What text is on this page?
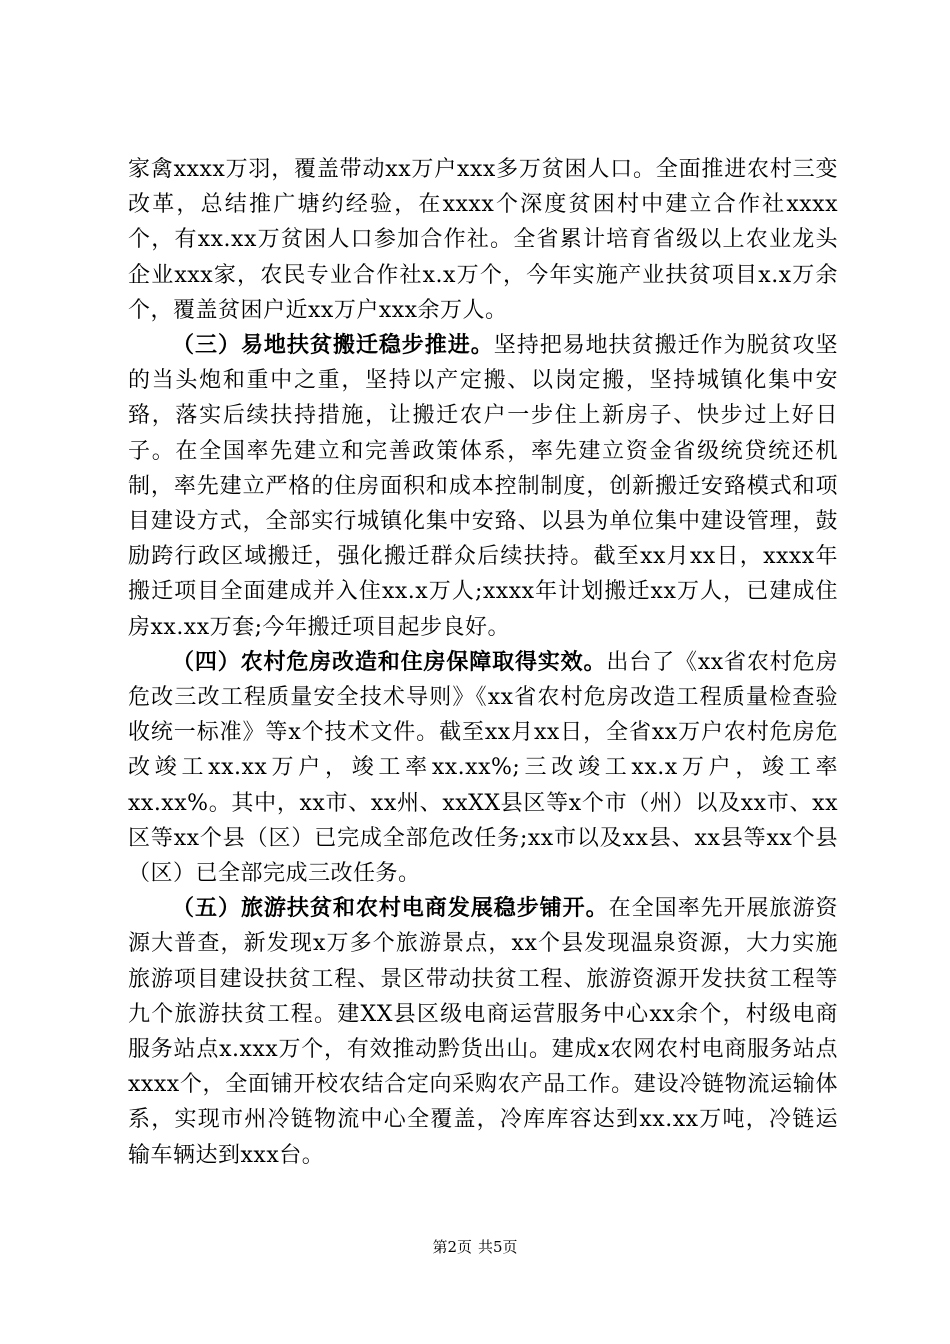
家禽xxxx万羽，覆盖带动xx万户xxx多万贫困人口。全面推进农村三变改革，总结推广塘约经验，在xxxx个深度贫困村中建立合作社xxxx个，有xx.xx万贫困人口参加合作社。全省累计培育省级以上农业龙头企业xxx家，农民专业合作社x.x万个，今年实施产业扶贫项目x.x万余个，覆盖贫困户近xx万户xxx余万人。

（三）易地扶贫搬迁稳步推进。坚持把易地扶贫搬迁作为脱贫攻坚的当头炮和重中之重，坚持以产定搬、以岗定搬，坚持城镇化集中安臵，落实后续扶持措施，让搬迁农户一步住上新房子、快步过上好日子。在全国率先建立和完善政策体系，率先建立资金省级统贷统还机制，率先建立严格的住房面积和成本控制制度，创新搬迁安臵模式和项目建设方式，全部实行城镇化集中安臵、以县为单位集中建设管理，鼓励跨行政区域搬迁，强化搬迁群众后续扶持。截至xx月xx日，xxxx年搬迁项目全面建成并入住xx.x万人;xxxx年计划搬迁xx万人，已建成住房xx.xx万套;今年搬迁项目起步良好。

（四）农村危房改造和住房保障取得实效。出台了《xx省农村危房危改三改工程质量安全技术导则》《xx省农村危房改造工程质量检查验收统一标准》等x个技术文件。截至xx月xx日，全省xx万户农村危房危改竣工xx.xx万户，竣工率xx.xx%;三改竣工xx.x万户，竣工率xx.xx%。其中，xx市、xx州、xxXX县区等x个市（州）以及xx市、xx区等xx个县（区）已完成全部危改任务;xx市以及xx县、xx县等xx个县（区）已全部完成三改任务。

（五）旅游扶贫和农村电商发展稳步铺开。在全国率先开展旅游资源大普查，新发现x万多个旅游景点，xx个县发现温泉资源，大力实施旅游项目建设扶贫工程、景区带动扶贫工程、旅游资源开发扶贫工程等九个旅游扶贫工程。建XX县区级电商运营服务中心xx余个，村级电商服务站点x.xxx万个，有效推动黔货出山。建成x农网农村电商服务站点xxxx个，全面铺开校农结合定向采购农产品工作。建设冷链物流运输体系，实现市州冷链物流中心全覆盖，冷库库容达到xx.xx万吨，冷链运输车辆达到xxx台。

第2页 共5页
